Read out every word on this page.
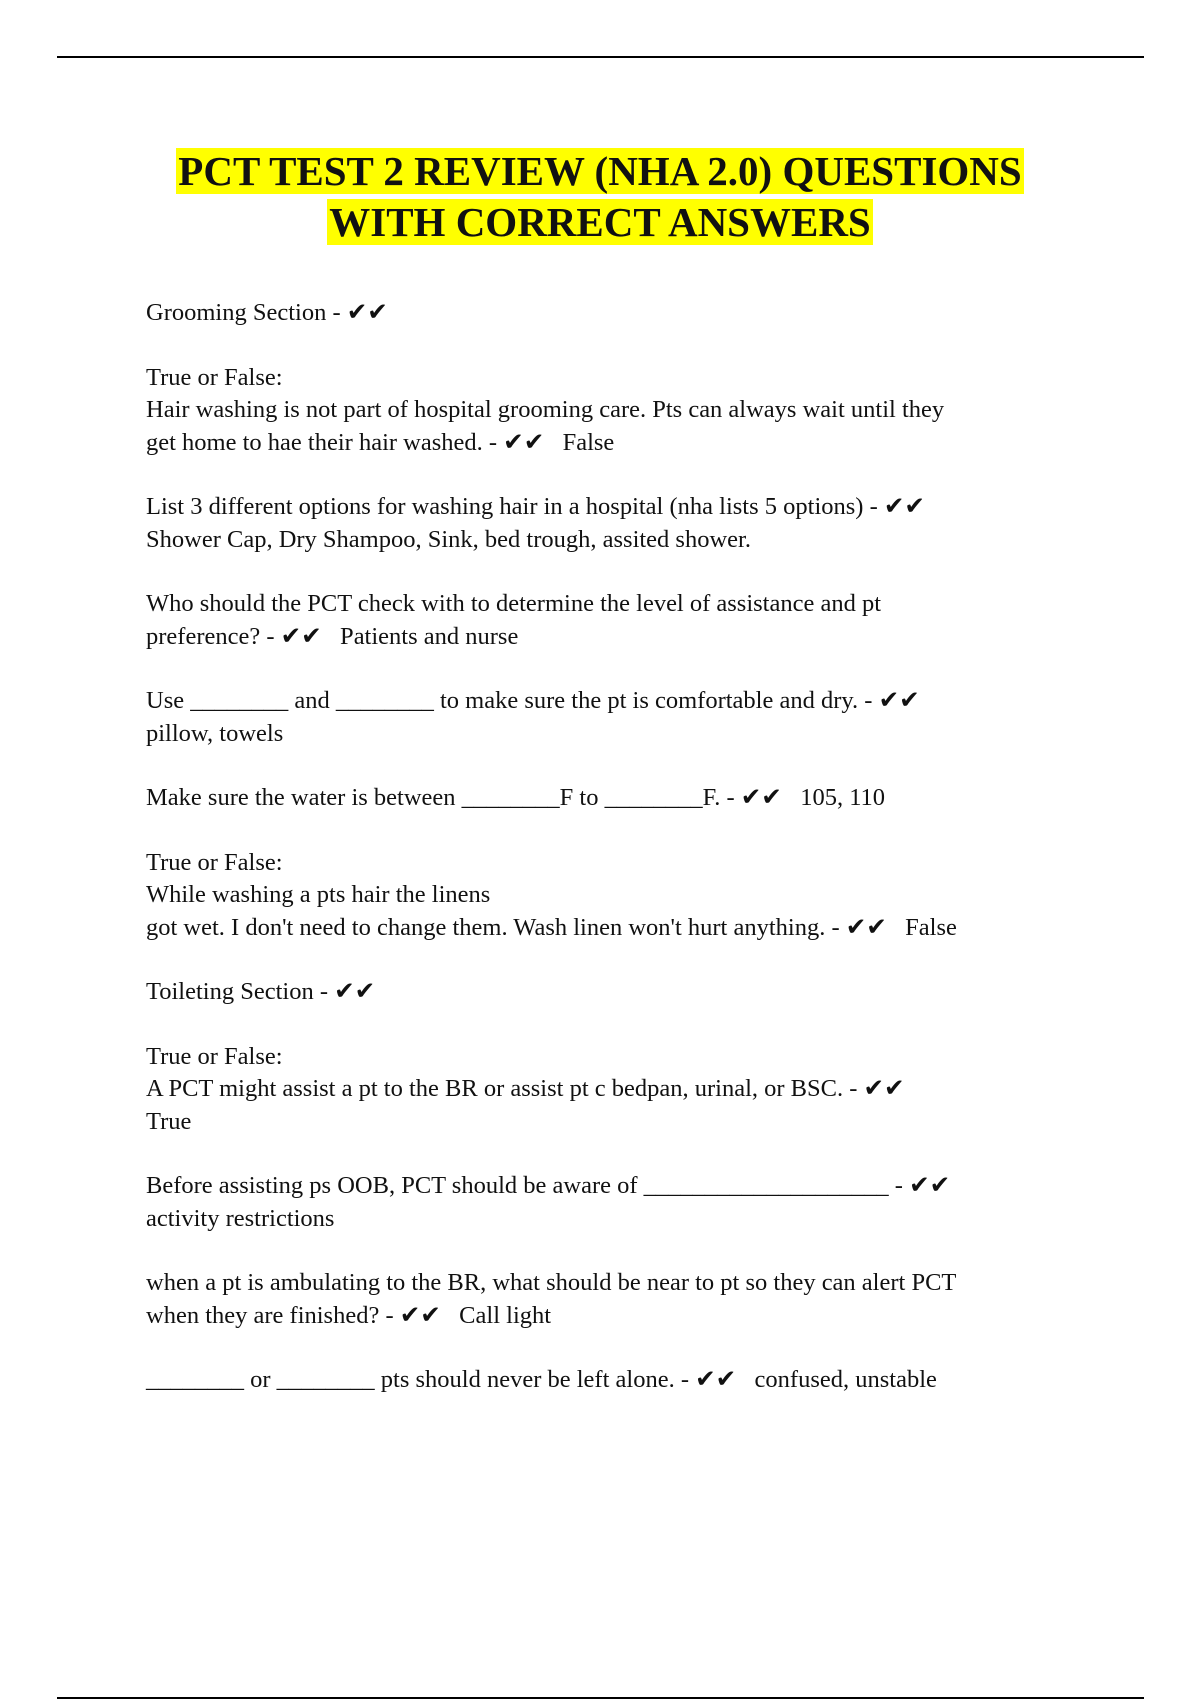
PCT TEST 2 REVIEW (NHA 2.0) QUESTIONS
WITH CORRECT ANSWERS

Grooming Section - ✔✔

True or False:

Hair washing is not part of hospital grooming care. Pts can always wait until they

get home to hae their hair washed. - ✔✔   False

List 3 different options for washing hair in a hospital (nha lists 5 options) - ✔✔

Shower Cap, Dry Shampoo, Sink, bed trough, assited shower.

Who should the PCT check with to determine the level of assistance and pt

preference? - ✔✔   Patients and nurse

Use ________ and ________ to make sure the pt is comfortable and dry. - ✔✔

pillow, towels

Make sure the water is between ________F to ________F. - ✔✔   105, 110

True or False:

While washing a pts hair the linens

got wet. I don't need to change them. Wash linen won't hurt anything. - ✔✔   False

Toileting Section - ✔✔

True or False:

A PCT might assist a pt to the BR or assist pt c bedpan, urinal, or BSC. - ✔✔

True

Before assisting ps OOB, PCT should be aware of ____________________ - ✔✔

activity restrictions

when a pt is ambulating to the BR, what should be near to pt so they can alert PCT

when they are finished? - ✔✔   Call light

________ or ________ pts should never be left alone. - ✔✔   confused, unstable
